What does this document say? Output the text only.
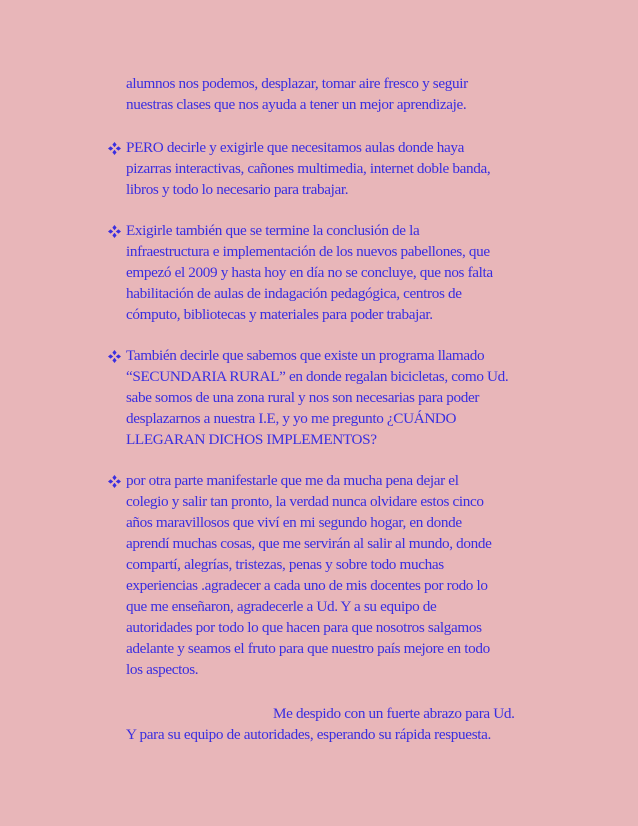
alumnos nos podemos, desplazar, tomar aire fresco y seguir
nuestras clases que nos ayuda a tener un mejor aprendizaje.
PERO decirle y exigirle que necesitamos aulas donde haya
pizarras interactivas, cañones multimedia, internet doble banda,
libros y todo lo necesario para trabajar.
Exigirle también que se termine la conclusión de la
infraestructura e implementación de los nuevos pabellones, que
empezó el 2009 y hasta hoy en día no se concluye, que nos falta
habilitación de aulas de indagación pedagógica, centros de
cómputo, bibliotecas y materiales para poder trabajar.
También decirle que sabemos que existe un programa llamado
“SECUNDARIA RURAL” en donde regalan bicicletas, como Ud.
sabe somos de una zona rural y nos son necesarias para poder
desplazarnos a nuestra I.E, y yo me pregunto ¿CUÁNDO
LLEGARAN DICHOS IMPLEMENTOS?
por otra parte manifestarle que me da mucha pena dejar el
colegio y salir tan pronto, la verdad nunca olvidare estos cinco
años maravillosos que viví en mi segundo hogar, en donde
aprendí muchas cosas, que me servirán al salir al mundo, donde
compartí, alegrías, tristezas, penas y sobre todo muchas
experiencias .agradecer a cada uno de mis docentes por rodo lo
que me enseñaron, agradecerle a Ud. Y a su equipo de
autoridades por todo lo que hacen para que nosotros salgamos
adelante y seamos el fruto para que nuestro país mejore en todo
los aspectos.
Me despido con un fuerte abrazo para Ud.
Y para su equipo de autoridades, esperando su rápida respuesta.
